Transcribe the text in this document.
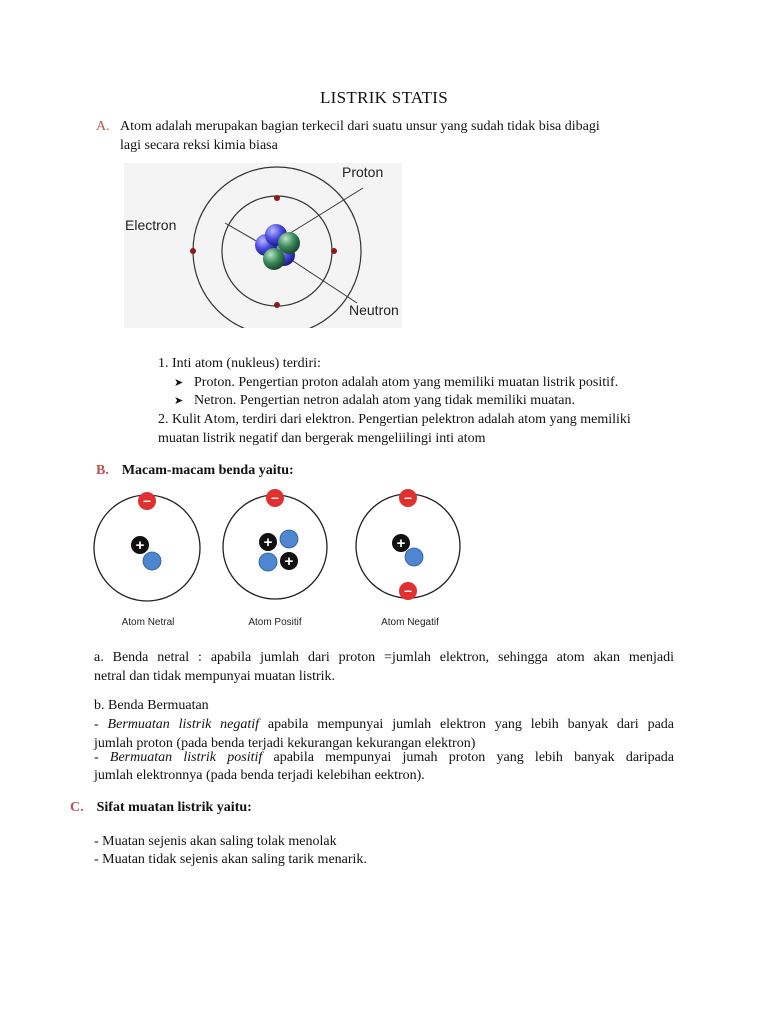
LISTRIK STATIS
A. Atom adalah merupakan bagian terkecil dari suatu unsur yang sudah tidak bisa dibagi
lagi secara reksi kimia biasa
Proton
Electron
Neutron
1. Inti atom (nukleus) terdiri:
➤ Proton. Pengertian proton adalah atom yang memiliki muatan listrik positif.
➤ Netron. Pengertian netron adalah atom yang tidak memiliki muatan.
2. Kulit Atom, terdiri dari elektron. Pengertian pelektron adalah atom yang memiliki
muatan listrik negatif dan bergerak mengeliilingi inti atom
B. Macam-macam benda yaitu:
–
+
–
+
+
–
+
–
Atom Netral	Atom Positif	Atom Negatif
a. Benda netral : apabila jumlah dari proton =jumlah elektron, sehingga atom akan menjadi
netral dan tidak mempunyai muatan listrik.
b. Benda Bermuatan
- Bermuatan listrik negatif apabila mempunyai jumlah elektron yang lebih banyak dari pada
jumlah proton (pada benda terjadi kekurangan kekurangan elektron)
- Bermuatan listrik positif apabila mempunyai jumah proton yang lebih banyak daripada
jumlah elektronnya (pada benda terjadi kelebihan eektron).
C. Sifat muatan listrik yaitu:
- Muatan sejenis akan saling tolak menolak
- Muatan tidak sejenis akan saling tarik menarik.
